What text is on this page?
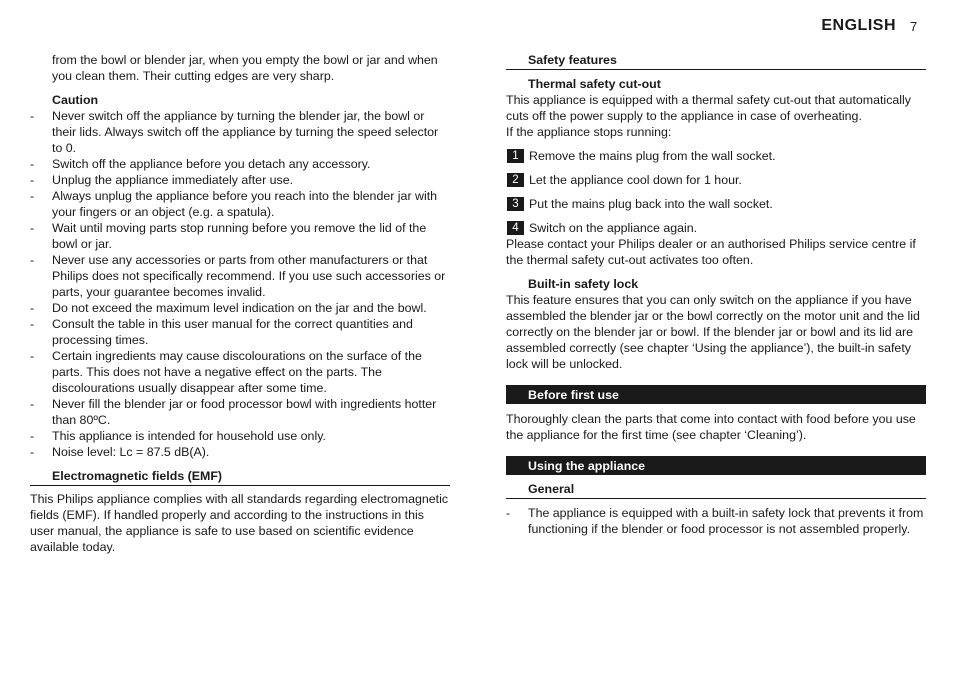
ENGLISH 7

from the bowl or blender jar, when you empty the bowl or jar and when you clean them. Their cutting edges are very sharp.

Caution

- Never switch off the appliance by turning the blender jar, the bowl or their lids. Always switch off the appliance by turning the speed selector to 0.
- Switch off the appliance before you detach any accessory.
- Unplug the appliance immediately after use.
- Always unplug the appliance before you reach into the blender jar with your fingers or an object (e.g. a spatula).
- Wait until moving parts stop running before you remove the lid of the bowl or jar.
- Never use any accessories or parts from other manufacturers or that Philips does not specifically recommend. If you use such accessories or parts, your guarantee becomes invalid.
- Do not exceed the maximum level indication on the jar and the bowl.
- Consult the table in this user manual for the correct quantities and processing times.
- Certain ingredients may cause discolourations on the surface of the parts. This does not have a negative effect on the parts. The discolourations usually disappear after some time.
- Never fill the blender jar or food processor bowl with ingredients hotter than 80ºC.
- This appliance is intended for household use only.
- Noise level: Lc = 87.5 dB(A).

Electromagnetic fields (EMF)

This Philips appliance complies with all standards regarding electromagnetic fields (EMF). If handled properly and according to the instructions in this user manual, the appliance is safe to use based on scientific evidence available today.

Safety features

Thermal safety cut-out

This appliance is equipped with a thermal safety cut-out that automatically cuts off the power supply to the appliance in case of overheating.

If the appliance stops running:

1 Remove the mains plug from the wall socket.
2 Let the appliance cool down for 1 hour.
3 Put the mains plug back into the wall socket.
4 Switch on the appliance again.

Please contact your Philips dealer or an authorised Philips service centre if the thermal safety cut-out activates too often.

Built-in safety lock

This feature ensures that you can only switch on the appliance if you have assembled the blender jar or the bowl correctly on the motor unit and the lid correctly on the blender jar or bowl. If the blender jar or bowl and its lid are assembled correctly (see chapter ‘Using the appliance’), the built-in safety lock will be unlocked.

Before first use

Thoroughly clean the parts that come into contact with food before you use the appliance for the first time (see chapter ‘Cleaning’).

Using the appliance

General

- The appliance is equipped with a built-in safety lock that prevents it from functioning if the blender or food processor is not assembled properly.
